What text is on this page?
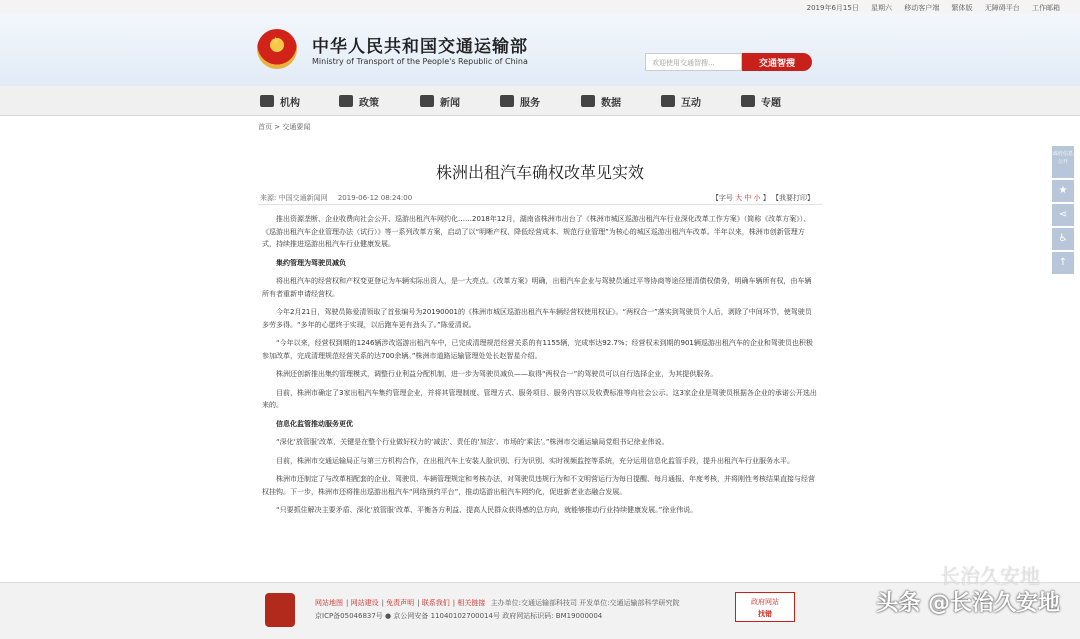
2019年6月15日 星期六 移动客户端 繁体版 无障碍平台 工作邮箱
★ 中华人民共和国交通运输部
Ministry of Transport of the People's Republic of China	欢迎使用交通智搜...	交通智搜
机构	政策	新闻	服务	数据	互动	专题
首页 > 交通要闻
株洲出租汽车确权改革见实效
来源: 中国交通新闻网 2019-06-12 08:24:00	【字号 大 中 小 】 【我要打印】

推出资源垄断、企业收费向社会公开、巡游出租汽车网约化……2018年12月，湖南省株洲市出台了《株洲市城区巡游出租汽车行业深化改革工作方案》（简称《改革方案》）、《巡游出租汽车企业管理办法（试行）》等一系列改革方案，启动了以“明晰产权、降低经营成本、规范行业管理”为核心的城区巡游出租汽车改革。半年以来，株洲市创新管理方式，持续推进巡游出租汽车行业健康发展。

集约管理为驾驶员减负

将出租汽车的经营权和产权变更登记为车辆实际出资人，是一大亮点。《改革方案》明确，出租汽车企业与驾驶员通过平等协商等途径厘清债权债务，明确车辆所有权，由车辆所有者重新申请经营权。

今年2月21日，驾驶员陈爱清领取了首张编号为20190001的《株洲市城区巡游出租汽车车辆经营权使用权证》。“两权合一”落实到驾驶员个人后，剥除了中间环节，使驾驶员多劳多得。“多年的心愿终于实现，以后跑车更有劲头了。”陈爱清说。

“今年以来，经营权到期的1246辆涉改巡游出租汽车中，已完成清理规范经营关系的有1155辆，完成率达92.7%；经营权未到期的901辆巡游出租汽车的企业和驾驶员也积极参加改革，完成清理规范经营关系的达700余辆。”株洲市道路运输管理处处长赵智星介绍。

株洲还创新推出集约管理模式，调整行业利益分配机制，进一步为驾驶员减负——取得“两权合一”的驾驶员可以自行选择企业，为其提供服务。

目前，株洲市确定了3家出租汽车集约管理企业，并将其管理制度、管理方式、服务项目、服务内容以及收费标准等向社会公示。这3家企业是驾驶员根据各企业的承诺公开选出来的。

信息化监管推动服务更优

“深化‘放管服’改革，关键是在整个行业做好权力的‘减法’、责任的‘加法’、市场的‘乘法’。”株洲市交通运输局党组书记徐业伟说。

目前，株洲市交通运输局正与第三方机构合作，在出租汽车上安装人脸识别、行为识别、实时视频监控等系统，充分运用信息化监管手段，提升出租汽车行业服务水平。

株洲市还制定了与改革相配套的企业、驾驶员、车辆管理规定和考核办法，对驾驶员违规行为和不文明营运行为每日提醒、每月通报、年度考核，并将刚性考核结果直接与经营权挂钩。下一步，株洲市还将推出巡游出租汽车“网络预约平台”，推动巡游出租汽车网约化，促进新老业态融合发展。

“只要抓住解决主要矛盾、深化‘放管服’改革、平衡各方利益、提高人民群众获得感的总方向，就能够推动行业持续健康发展。”徐业伟说。

政府信息公开
★
⋖
♿
↑
网站地图 | 网站建设 | 免责声明 | 联系我们 | 相关链接 主办单位:交通运输部科技司 开发单位:交通运输部科学研究院
京ICP备05046837号 ● 京公网安备 11040102700014号 政府网站标识码: BM19000004
政府网站
找错
长治久安地
头条 @长治久安地
